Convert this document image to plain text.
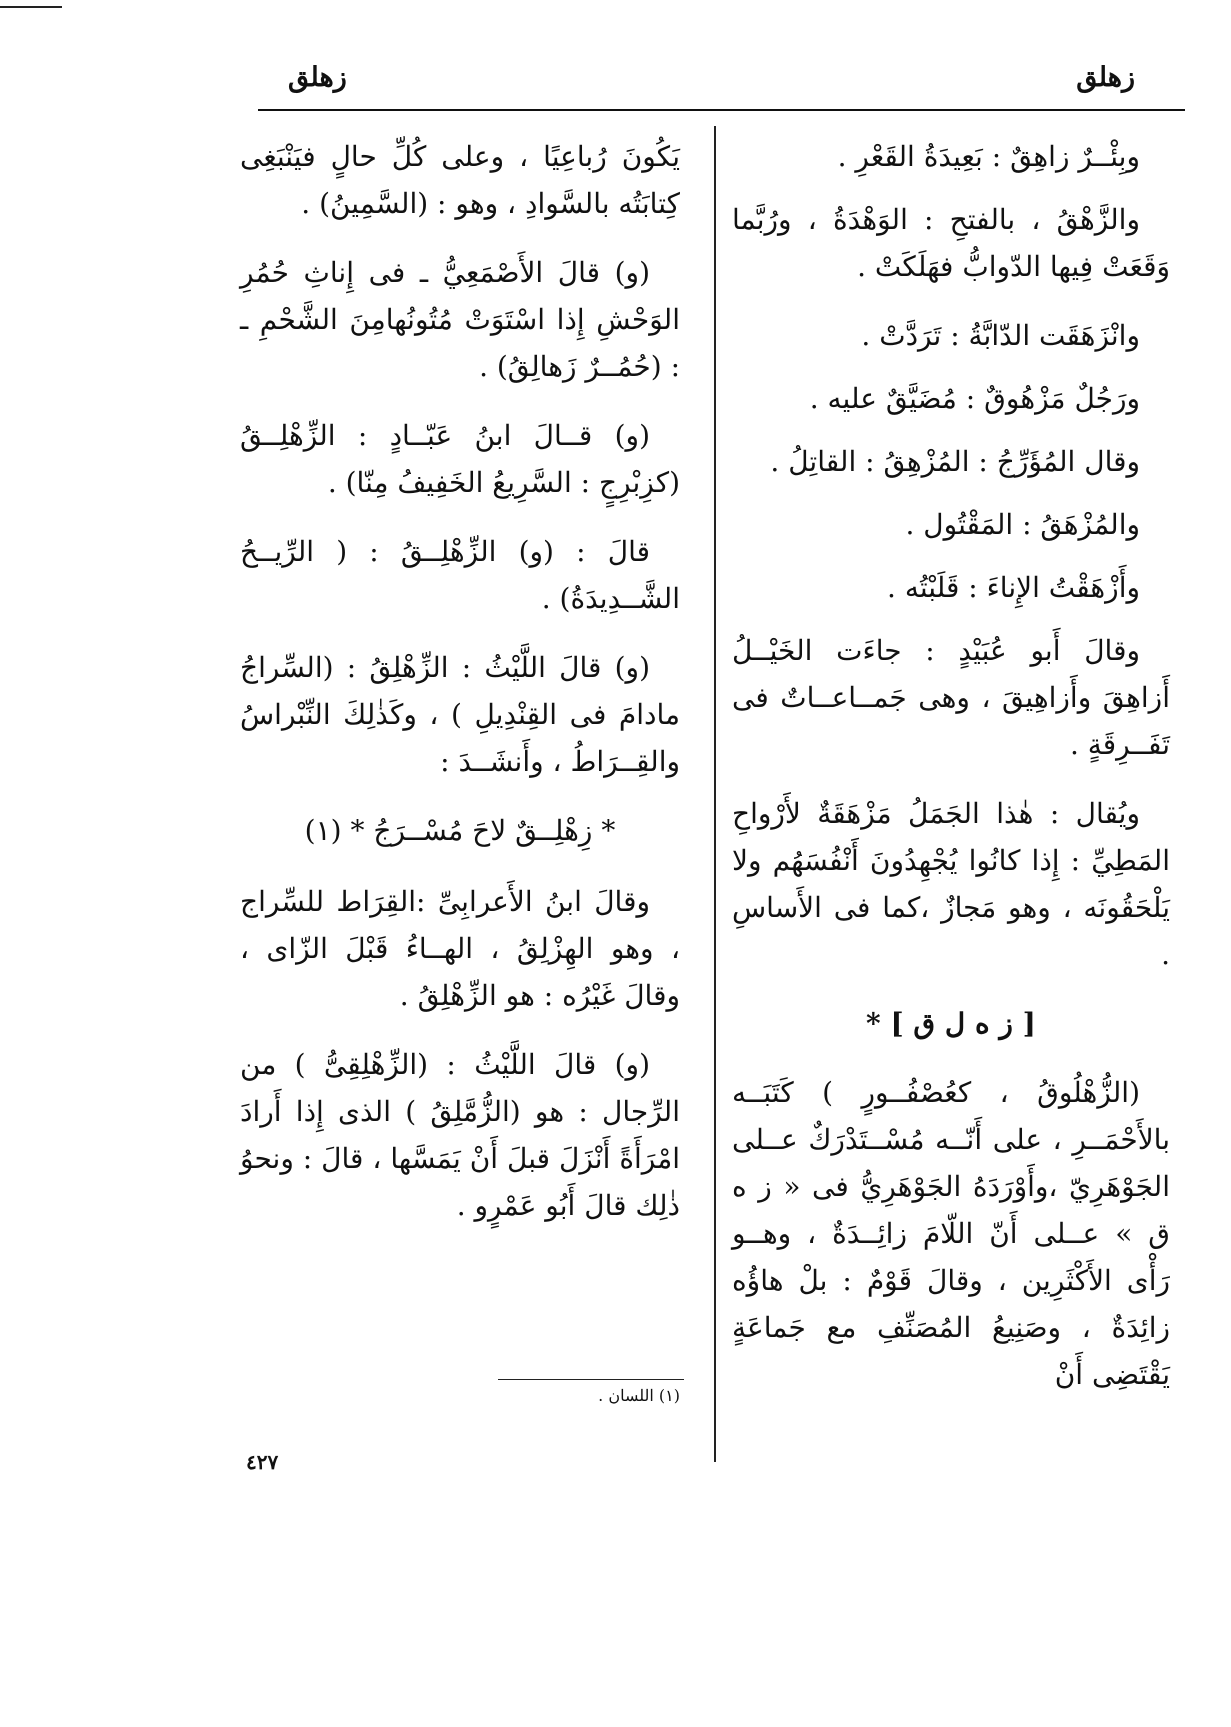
زهلق
زهلق

وبِئْــرٌ زاهِقٌ : بَعِيدَةُ القَعْرِ .

والزَّهْقُ ، بالفتحِ : الوَهْدَةُ ، ورُبَّما وَقَعَتْ فِيها الدّوابُّ فهَلَكَتْ .

وانْزَهَقَت الدّابَّةُ : تَرَدَّتْ .

ورَجُلٌ مَزْهُوقٌ : مُضَيَّقٌ عليه .

وقال المُؤَرِّجُ : المُزْهِقُ : القاتِلُ .

والمُزْهَقُ : المَقْتُول .

وأَزْهَقْتُ الإِناءَ : قَلَبْتُه .

وقالَ أَبو عُبَيْدٍ : جاءَت الخَيْــلُ أَزاهِقَ وأَزاهِيقَ ، وهى جَمــاعــاتٌ فى تَفَــرِقَةٍ .

ويُقال : هٰذا الجَمَلُ مَزْهَقَةٌ لأَرْواحِ المَطِيِّ : إِذا كانُوا يُجْهِدُونَ أَنْفُسَهُم ولا يَلْحَقُونَه ، وهو مَجازٌ ،كما فى الأَساسِ .

[ ز ه ل ق ] *

(الزُّهْلُوقُ ، كعُصْفُــورٍ ) كَتَبَــه بالأَحْمَــرِ ، على أَنّــه مُسْــتَدْرَكٌ عــلى الجَوْهَرِيّ ،وأَوْرَدَهُ الجَوْهَرِيُّ فى « ز ه ق » عــلى أَنّ اللّامَ زائِــدَةٌ ، وهــو رَأْى الأَكْثَرِين ، وقالَ قَوْمٌ : بلْ هاؤُه زائِدَةٌ ، وصَنِيعُ المُصَنِّفِ مع جَماعَةٍ يَقْتَضِى أَنْ

يَكُونَ رُباعِيًا ، وعلى كُلِّ حالٍ فيَنْبَغِى كِتابَتُه بالسَّوادِ ، وهو : (السَّمِينُ) .

(و) قالَ الأَصْمَعِيُّ ـ فى إِناثِ حُمُرِ الوَحْشِ إِذا اسْتَوَتْ مُتُونُهامِنَ الشَّحْمِ ـ : (حُمُــرٌ زَهالِقُ) .

(و) قــالَ ابنُ عَبّــادٍ : الزِّهْلِــقُ (كزِبْرِجٍ : السَّرِيعُ الخَفِيفُ مِنّا) .

قالَ : (و) الزِّهْلِــقُ : ( الرِّيــحُ الشَّــدِيدَةُ) .

(و) قالَ اللَّيْثُ : الزِّهْلِقُ : (السِّراجُ مادامَ فى القِنْدِيلِ ) ، وكَذٰلِكَ النِّبْراسُ والقِــرَاطُ ، وأَنشَــدَ :

* زِهْلِــقٌ لاحَ مُسْــرَجُ * (١)

وقالَ ابنُ الأَعرابِىِّ :القِرَاط للسِّراج ، وهو الهِزْلِقُ ، الهــاءُ قَبْلَ الزّاى ، وقالَ غَيْرُه : هو الزِّهْلِقُ .

(و) قالَ اللَّيْثُ : (الزِّهْلِقِىُّ ) من الرِّجال : هو (الزُّمَّلِقُ ) الذى إِذا أَرادَ امْرَأَةً أَنْزَلَ قبلَ أَنْ يَمَسَّها ، قالَ : ونحوُ ذٰلِك قالَ أَبُو عَمْرٍو .

(١) اللسان .
٤٢٧
